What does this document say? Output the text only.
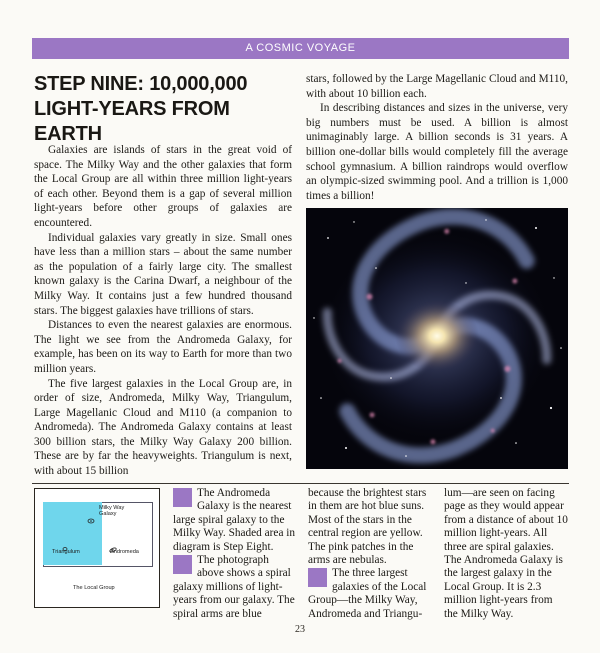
A COSMIC VOYAGE
STEP NINE: 10,000,000 LIGHT-YEARS FROM EARTH

Galaxies are islands of stars in the great void of space. The Milky Way and the other galaxies that form the Local Group are all within three million light-years of each other. Beyond them is a gap of several million light-years before other groups of galaxies are encountered.

Individual galaxies vary greatly in size. Small ones have less than a million stars – about the same number as the population of a fairly large city. The smallest known galaxy is the Carina Dwarf, a neighbour of the Milky Way. It contains just a few hundred thousand stars. The biggest galaxies have trillions of stars.

Distances to even the nearest galaxies are enormous. The light we see from the Andromeda Galaxy, for example, has been on its way to Earth for more than two million years.

The five largest galaxies in the Local Group are, in order of size, Andromeda, Milky Way, Triangulum, Large Magellanic Cloud and M110 (a companion to Andromeda). The Andromeda Galaxy contains at least 300 billion stars, the Milky Way Galaxy 200 billion. These are by far the heavyweights. Triangulum is next, with about 15 billion

stars, followed by the Large Magellanic Cloud and M110, with about 10 billion each.

In describing distances and sizes in the universe, very big numbers must be used. A billion is almost unimaginably large. A billion seconds is 31 years. A billion one-dollar bills would completely fill the average school gymnasium. A billion raindrops would overflow an olympic-sized swimming pool. And a trillion is 1,000 times a billion!

Milky Way Galaxy
Triangulum	Andromeda
The Local Group

The Andromeda Galaxy is the nearest large spiral galaxy to the Milky Way. Shaded area in diagram is Step Eight.

The photograph above shows a spiral galaxy millions of light-years from our galaxy. The spiral arms are blue

because the brightest stars in them are hot blue suns. Most of the stars in the central region are yellow. The pink patches in the arms are nebulas.

The three largest galaxies of the Local Group—the Milky Way, Andromeda and Triangu-

lum—are seen on facing page as they would appear from a distance of about 10 million light-years. All three are spiral galaxies. The Andromeda Galaxy is the largest galaxy in the Local Group. It is 2.3 million light-years from the Milky Way.

23
